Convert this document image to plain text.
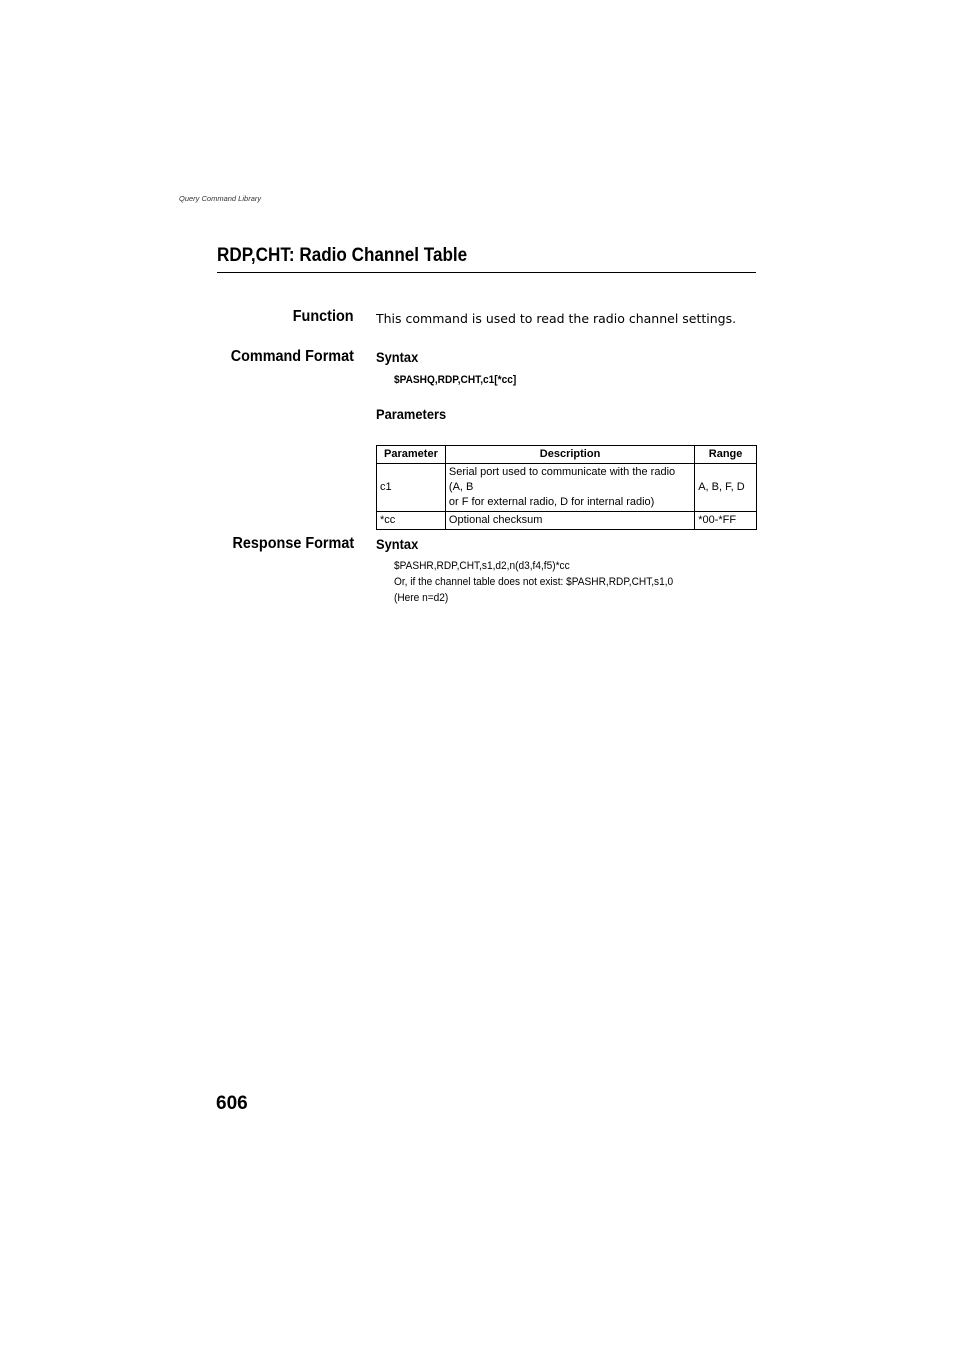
Query Command Library
RDP,CHT: Radio Channel Table
Function This command is used to read the radio channel settings.
Command Format Syntax
$PASHQ,RDP,CHT,c1[*cc]
Parameters
Parameter	Description	Range
c1	Serial port used to communicate with the radio (A, B
or F for external radio, D for internal radio)	A, B, F, D
*cc	Optional checksum	*00-*FF
Response Format Syntax
$PASHR,RDP,CHT,s1,d2,n(d3,f4,f5)*cc
Or, if the channel table does not exist: $PASHR,RDP,CHT,s1,0
(Here n=d2)
606
